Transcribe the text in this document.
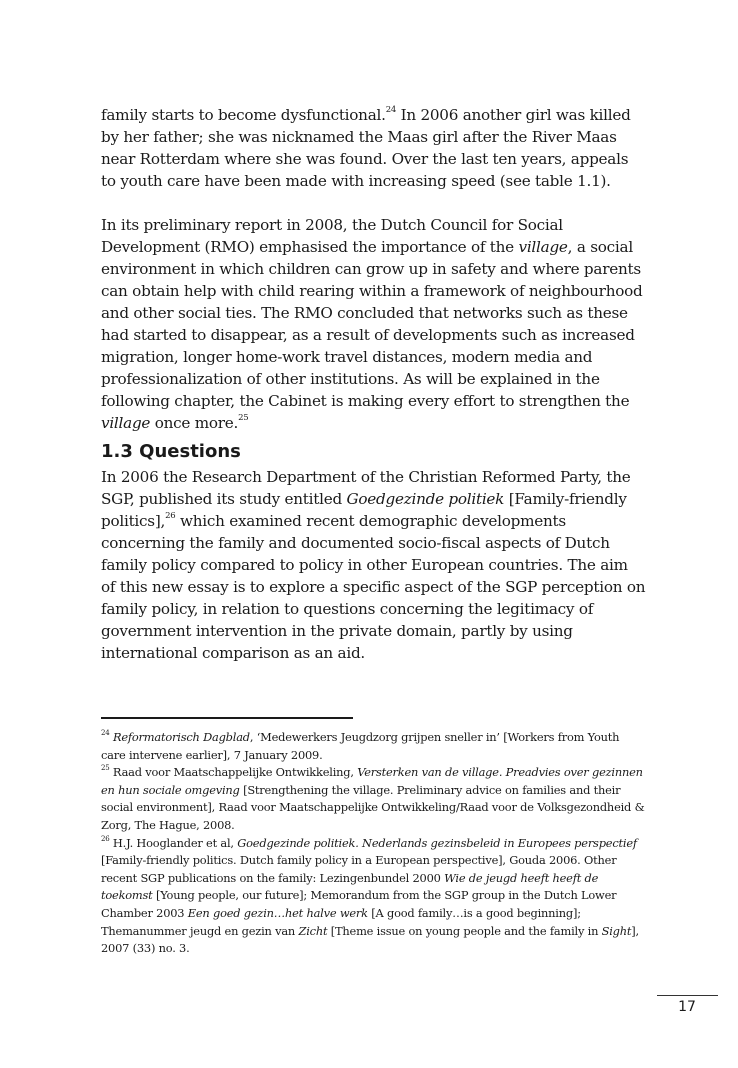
family starts to become dysfunctional.$^{24}$ In 2006 another girl was killed by her father; she was nicknamed the Maas girl after the River Maas near Rotterdam where she was found. Over the last ten years, appeals to youth care have been made with increasing speed (see table 1.1).

In its preliminary report in 2008, the Dutch Council for Social Development (RMO) emphasised the importance of the village, a social environment in which children can grow up in safety and where parents can obtain help with child rearing within a framework of neighbourhood and other social ties. The RMO concluded that networks such as these had started to disappear, as a result of developments such as increased migration, longer home-work travel distances, modern media and professionalization of other institutions. As will be explained in the following chapter, the Cabinet is making every effort to strengthen the village once more.$^{25}$

1.3 Questions

In 2006 the Research Department of the Christian Reformed Party, the SGP, published its study entitled Goedgezinde politiek [Family-friendly politics],$^{26}$ which examined recent demographic developments concerning the family and documented socio-fiscal aspects of Dutch family policy compared to policy in other European countries. The aim of this new essay is to explore a specific aspect of the SGP perception on family policy, in relation to questions concerning the legitimacy of government intervention in the private domain, partly by using international comparison as an aid.

$^{24}$ Reformatorisch Dagblad, ‘Medewerkers Jeugdzorg grijpen sneller in’ [Workers from Youth care intervene earlier], 7 January 2009.

$^{25}$ Raad voor Maatschappelijke Ontwikkeling, Versterken van de village. Preadvies over gezinnen en hun sociale omgeving [Strengthening the village. Preliminary advice on families and their social environment], Raad voor Maatschappelijke Ontwikkeling/Raad voor de Volksgezondheid & Zorg, The Hague, 2008.

$^{26}$ H.J. Hooglander et al, Goedgezinde politiek. Nederlands gezinsbeleid in Europees perspectief [Family-friendly politics. Dutch family policy in a European perspective], Gouda 2006. Other recent SGP publications on the family: Lezingenbundel 2000 Wie de jeugd heeft heeft de toekomst [Young people, our future]; Memorandum from the SGP group in the Dutch Lower Chamber 2003 Een goed gezin…het halve werk [A good family…is a good beginning]; Themanummer jeugd en gezin van Zicht [Theme issue on young people and the family in Sight], 2007 (33) no. 3.

17
